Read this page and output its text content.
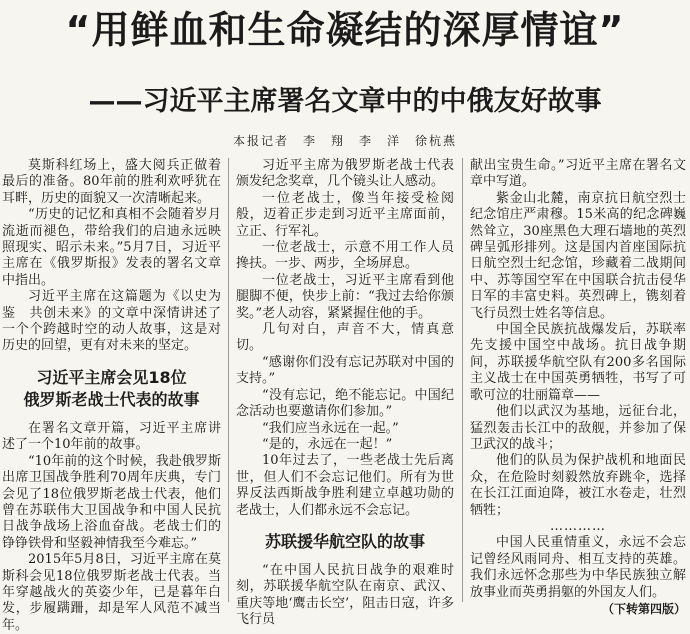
“用鲜血和生命凝结的深厚情谊”
——习近平主席署名文章中的中俄友好故事
本报记者　李　翔　李　洋　徐杭燕

莫斯科红场上，盛大阅兵正做着最后的准备。80年前的胜利欢呼犹在耳畔，历史的面貌又一次清晰起来。

“历史的记忆和真相不会随着岁月流逝而褪色，带给我们的启迪永远映照现实、昭示未来。”5月7日，习近平主席在《俄罗斯报》发表的署名文章中指出。

习近平主席在这篇题为《以史为鉴　共创未来》的文章中深情讲述了一个个跨越时空的动人故事，这是对历史的回望，更有对未来的坚定。

习近平主席会见18位
俄罗斯老战士代表的故事

在署名文章开篇，习近平主席讲述了一个10年前的故事。

“10年前的这个时候，我赴俄罗斯出席卫国战争胜利70周年庆典，专门会见了18位俄罗斯老战士代表，他们曾在苏联伟大卫国战争和中国人民抗日战争战场上浴血奋战。老战士们的铮铮铁骨和坚毅神情我至今难忘。”

2015年5月8日，习近平主席在莫斯科会见18位俄罗斯老战士代表。当年穿越战火的英姿少年，已是暮年白发，步履蹒跚，却是军人风范不减当年。

习近平主席为俄罗斯老战士代表颁发纪念奖章，几个镜头让人感动。

一位老战士，像当年接受检阅般，迈着正步走到习近平主席面前，立正、行军礼。

一位老战士，示意不用工作人员搀扶。一步、两步，全场屏息。

一位老战士，习近平主席看到他腿脚不便，快步上前：“我过去给你颁奖。”老人动容，紧紧握住他的手。

几句对白，声音不大，情真意切。

“感谢你们没有忘记苏联对中国的支持。”

“没有忘记，绝不能忘记。中国纪念活动也要邀请你们参加。”

“我们应当永远在一起。”

“是的，永远在一起！”

10年过去了，一些老战士先后离世，但人们不会忘记他们。所有为世界反法西斯战争胜利建立卓越功勋的老战士，人们都永远不会忘记。

苏联援华航空队的故事

“在中国人民抗日战争的艰难时刻，苏联援华航空队在南京、武汉、重庆等地‘鹰击长空’，阻击日寇，许多飞行员

献出宝贵生命。”习近平主席在署名文章中写道。

紫金山北麓，南京抗日航空烈士纪念馆庄严肃穆。15米高的纪念碑巍然耸立，30座黑色大理石墙地的英烈碑呈弧形排列。这是国内首座国际抗日航空烈士纪念馆，珍藏着二战期间中、苏等国空军在中国联合抗击侵华日军的丰富史料。英烈碑上，镌刻着飞行员烈士姓名等信息。

中国全民族抗战爆发后，苏联率先支援中国空中战场。抗日战争期间，苏联援华航空队有200多名国际主义战士在中国英勇牺牲，书写了可歌可泣的壮丽篇章——

他们以武汉为基地，远征台北，猛烈轰击长江中的敌舰，并参加了保卫武汉的战斗；

他们的队员为保护战机和地面民众，在危险时刻毅然放弃跳伞，选择在长江江面迫降，被江水卷走，壮烈牺牲；

…………

中国人民重情重义，永远不会忘记曾经风雨同舟、相互支持的英雄。我们永远怀念那些为中华民族独立解放事业而英勇捐躯的外国友人们。

（下转第四版）
